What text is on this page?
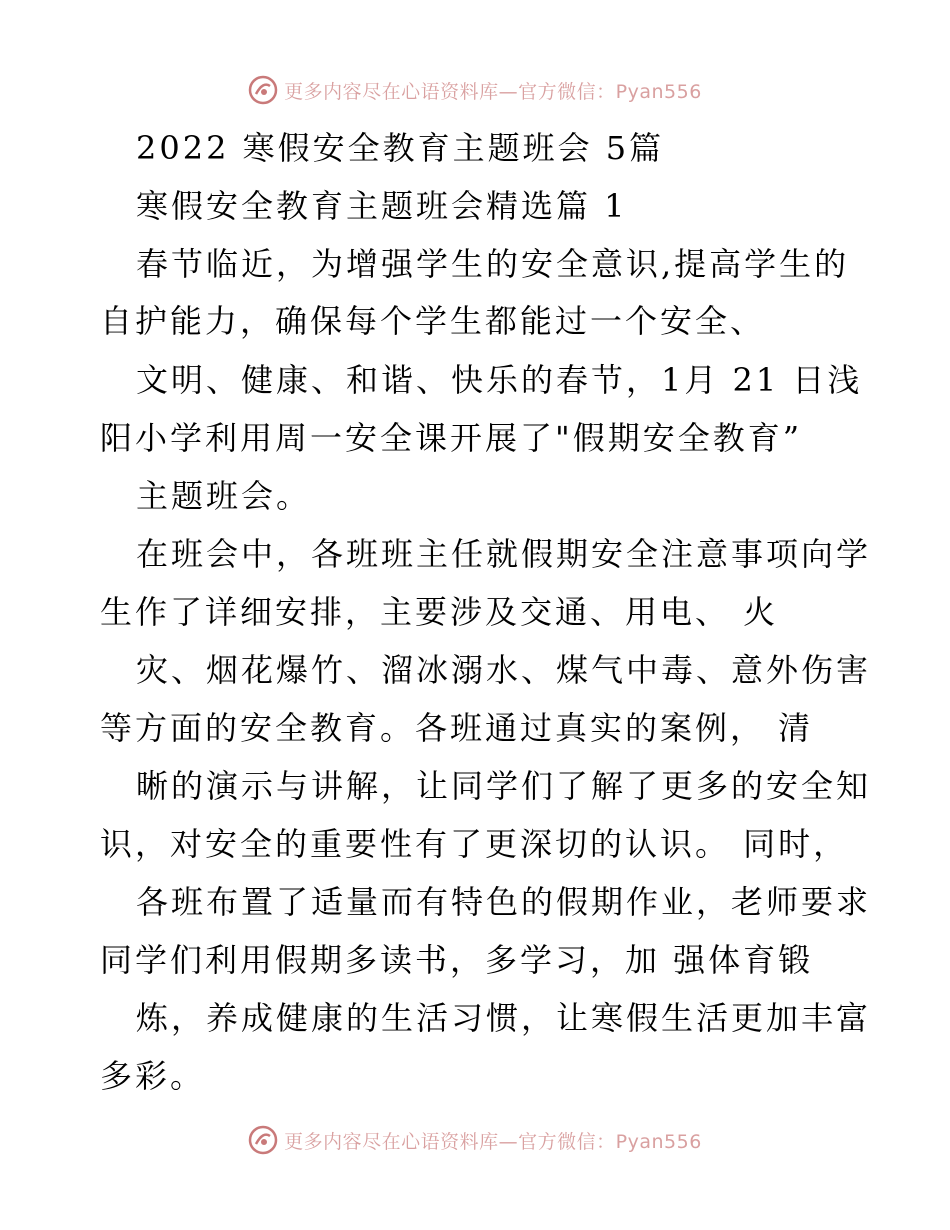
更多内容尽在心语资料库—官方微信：Pyan556
2022 寒假安全教育主题班会 5篇
寒假安全教育主题班会精选篇 1
春节临近，为增强学生的安全意识,提高学生的
自护能力，确保每个学生都能过一个安全、
文明、健康、和谐、快乐的春节，1月 21 日浅
阳小学利用周一安全课开展了"假期安全教育”
主题班会。
在班会中，各班班主任就假期安全注意事项向学
生作了详细安排，主要涉及交通、用电、 火
灾、烟花爆竹、溜冰溺水、煤气中毒、意外伤害
等方面的安全教育。各班通过真实的案例， 清
晰的演示与讲解，让同学们了解了更多的安全知
识，对安全的重要性有了更深切的认识。 同时，
各班布置了适量而有特色的假期作业，老师要求
同学们利用假期多读书，多学习，加 强体育锻
炼，养成健康的生活习惯，让寒假生活更加丰富
多彩。
更多内容尽在心语资料库—官方微信：Pyan556
